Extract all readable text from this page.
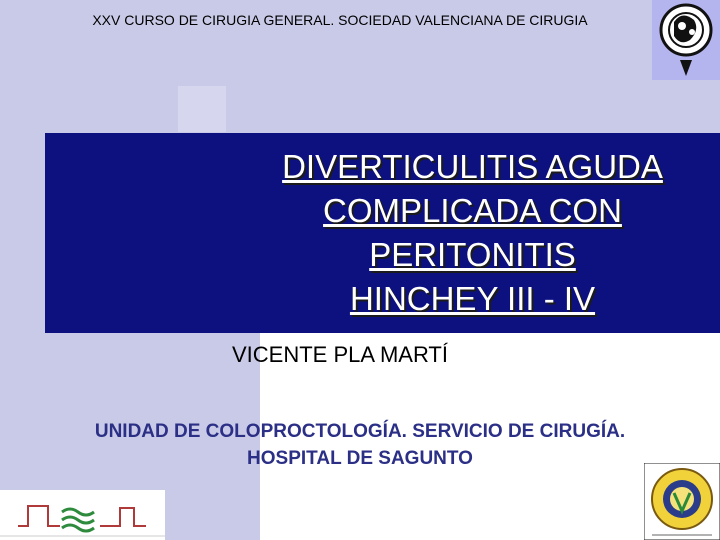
XXV CURSO DE CIRUGIA GENERAL. SOCIEDAD VALENCIANA DE CIRUGIA
DIVERTICULITIS AGUDA
COMPLICADA CON
PERITONITIS
HINCHEY III - IV
VICENTE PLA MARTÍ
UNIDAD DE COLOPROCTOLOGÍA. SERVICIO DE CIRUGÍA.
HOSPITAL DE SAGUNTO
